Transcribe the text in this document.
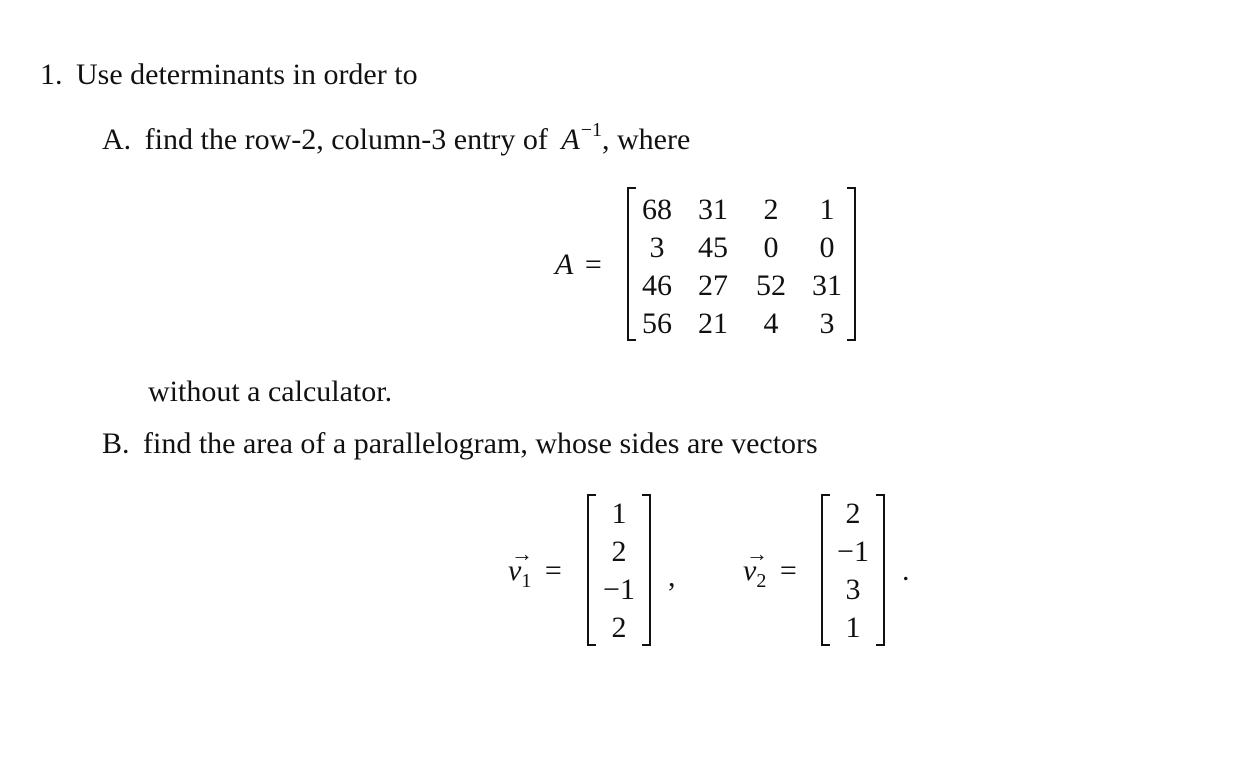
1. Use determinants in order to
A. find the row-2, column-3 entry of $A^{-1}$, where
A =
68 31	2	1
3	45	0	0
46 27 52 31
56 21	4	3
without a calculator.
B. find the area of a parallelogram, whose sides are vectors
v
→
$_1$ =
1
2
−1
2
, v
→
$_2$ =
2
−1
3
1
.
